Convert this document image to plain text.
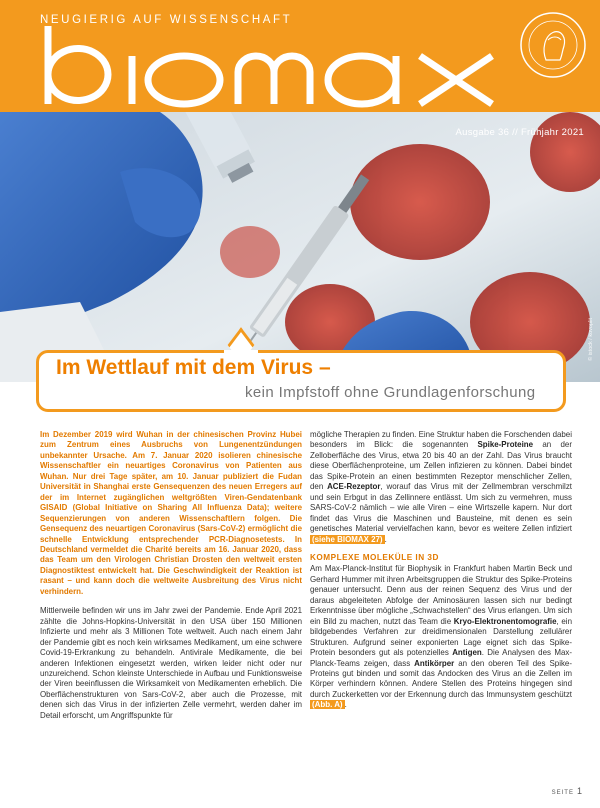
NEUGIERIG AUF WISSENSCHAFT
© istock / kovoplit
Ausgabe 36 // Frühjahr 2021
Im Wettlauf mit dem Virus –
kein Impfstoff ohne Grundlagenforschung

Im Dezember 2019 wird Wuhan in der chinesischen Provinz Hubei zum Zentrum eines Ausbruchs von Lungenentzündungen unbekannter Ursache. Am 7. Januar 2020 isolieren chinesische Wissenschaftler ein neuartiges Coronavirus von Patienten aus Wuhan. Nur drei Tage später, am 10. Januar publiziert die Fudan Universität in Shanghai erste Gensequenzen des neuen Erregers auf der im Internet zugänglichen weltgrößten Viren-Gendatenbank GISAID (Global Initiative on Sharing All Influenza Data); weitere Sequenzierungen von anderen Wissenschaftlern folgen. Die Gensequenz des neuartigen Coronavirus (Sars-CoV-2) ermöglicht die schnelle Entwicklung entsprechender PCR-Diagnosetests. In Deutschland vermeldet die Charité bereits am 16. Januar 2020, dass das Team um den Virologen Christian Drosten den weltweit ersten Diagnostiktest entwickelt hat. Die Geschwindigkeit der Reaktion ist rasant – und kann doch die weltweite Ausbreitung des Virus nicht verhindern.

Mittlerweile befinden wir uns im Jahr zwei der Pandemie. Ende April 2021 zählte die Johns-Hopkins-Universität in den USA über 150 Millionen Infizierte und mehr als 3 Millionen Tote weltweit. Auch nach einem Jahr der Pandemie gibt es noch kein wirksames Medikament, um eine schwere Covid-19-Erkrankung zu behandeln. Antivirale Medikamente, die bei anderen Infektionen eingesetzt werden, wirken leider nicht oder nur unzureichend. Schon kleinste Unterschiede in Aufbau und Funktionsweise der Viren beeinflussen die Wirksamkeit von Medikamenten erheblich. Die Oberflächenstrukturen von Sars-CoV-2, aber auch die Prozesse, mit denen sich das Virus in der infizierten Zelle vermehrt, werden daher im Detail erforscht, um Angriffspunkte für

mögliche Therapien zu finden. Eine Struktur haben die Forschenden dabei besonders im Blick: die sogenannten Spike-Proteine an der Zelloberfläche des Virus, etwa 20 bis 40 an der Zahl. Das Virus braucht diese Oberflächenproteine, um Zellen infizieren zu können. Dabei bindet das Spike-Protein an einen bestimmten Rezeptor menschlicher Zellen, den ACE-Rezeptor, worauf das Virus mit der Zellmembran verschmilzt und sein Erbgut in das Zellinnere entlässt. Um sich zu vermehren, muss SARS-CoV-2 nämlich – wie alle Viren – eine Wirtszelle kapern. Nur dort findet das Virus die Maschinen und Bausteine, mit denen es sein genetisches Material vervielfachen kann, bevor es weitere Zellen infiziert (siehe BIOMAX 27) .

KOMPLEXE MOLEKÜLE IN 3D

Am Max-Planck-Institut für Biophysik in Frankfurt haben Martin Beck und Gerhard Hummer mit ihren Arbeitsgruppen die Struktur des Spike-Proteins genauer untersucht. Denn aus der reinen Sequenz des Virus und der daraus abgeleiteten Abfolge der Aminosäuren lassen sich nur bedingt Erkenntnisse über mögliche „Schwachstellen“ des Virus erlangen. Um sich ein Bild zu machen, nutzt das Team die Kryo-Elektronentomografie, ein bildgebendes Verfahren zur dreidimensionalen Darstellung zellulärer Strukturen. Aufgrund seiner exponierten Lage eignet sich das Spike-Protein besonders gut als potenzielles Antigen. Die Analysen des Max-Planck-Teams zeigen, dass Antikörper an den oberen Teil des Spike-Proteins gut binden und somit das Andocken des Virus an die Zellen im Körper verhindern können. Andere Stellen des Proteins hingegen sind durch Zuckerketten vor der Erkennung durch das Immunsystem geschützt (Abb. A) .

SEITE 1
